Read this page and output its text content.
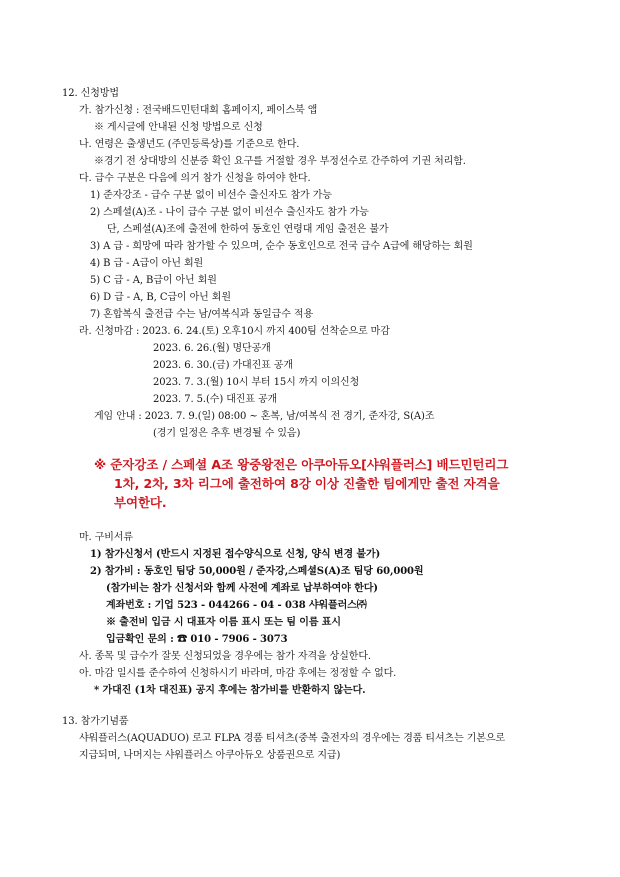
12. 신청방법
가. 참가신청 : 전국배드민턴대회 홈페이지, 페이스북 앱
※ 게시글에 안내된 신청 방법으로 신청
나. 연령은 출생년도 (주민등록상)를 기준으로 한다.
※경기 전 상대방의 신분증 확인 요구를 거절할 경우 부정선수로 간주하여 기권 처리함.
다. 급수 구분은 다음에 의거 참가 신청을 하여야 한다.
1) 준자강조 - 급수 구분 없이 비선수 출신자도 참가 가능
2) 스페셜(A)조 - 나이 급수 구분 없이 비선수 출신자도 참가 가능
단, 스페셜(A)조에 출전에 한하여 동호인 연령대 게임 출전은 불가
3) A 급 - 희망에 따라 참가할 수 있으며, 순수 동호인으로 전국 급수 A급에 해당하는 회원
4) B 급 - A급이 아닌 회원
5) C 급 - A, B급이 아닌 회원
6) D 급 - A, B, C급이 아닌 회원
7) 혼합복식 출전급 수는 남/여복식과 동일급수 적용
라. 신청마감 : 2023. 6. 24.(토) 오후10시 까지 400팀 선착순으로 마감
2023. 6. 26.(월) 명단공개
2023. 6. 30.(금) 가대진표 공개
2023. 7. 3.(월) 10시 부터 15시 까지 이의신청
2023. 7. 5.(수) 대진표 공개
게임 안내 : 2023. 7. 9.(일) 08:00 ~ 혼복, 남/여복식 전 경기, 준자강, S(A)조
(경기 일정은 추후 변경될 수 있음)
※ 준자강조 / 스페셜 A조 왕중왕전은 아쿠아듀오[샤워플러스] 배드민턴리그
1차, 2차, 3차 리그에 출전하여 8강 이상 진출한 팀에게만 출전 자격을
부여한다.
마. 구비서류
1) 참가신청서 (반드시 지정된 접수양식으로 신청, 양식 변경 불가)
2) 참가비 : 동호인 팀당 50,000원 / 준자강,스페셜S(A)조 팀당 60,000원
(참가비는 참가 신청서와 함께 사전에 계좌로 납부하여야 한다)
계좌번호 : 기업 523 - 044266 - 04 - 038 샤워플러스㈜
※ 출전비 입금 시 대표자 이름 표시 또는 팀 이름 표시
입금확인 문의 : ☎ 010 - 7906 - 3073
사. 종목 및 급수가 잘못 신청되었을 경우에는 참가 자격을 상실한다.
아. 마감 일시를 준수하여 신청하시기 바라며, 마감 후에는 정정할 수 없다.
* 가대진 (1차 대진표) 공지 후에는 참가비를 반환하지 않는다.
13. 참가기념품
샤워플러스(AQUADUO) 로고 FLPA 경품 티셔츠(중복 출전자의 경우에는 경품 티셔츠는 기본으로
지급되며, 나머지는 샤워플러스 아쿠아듀오 상품권으로 지급)
